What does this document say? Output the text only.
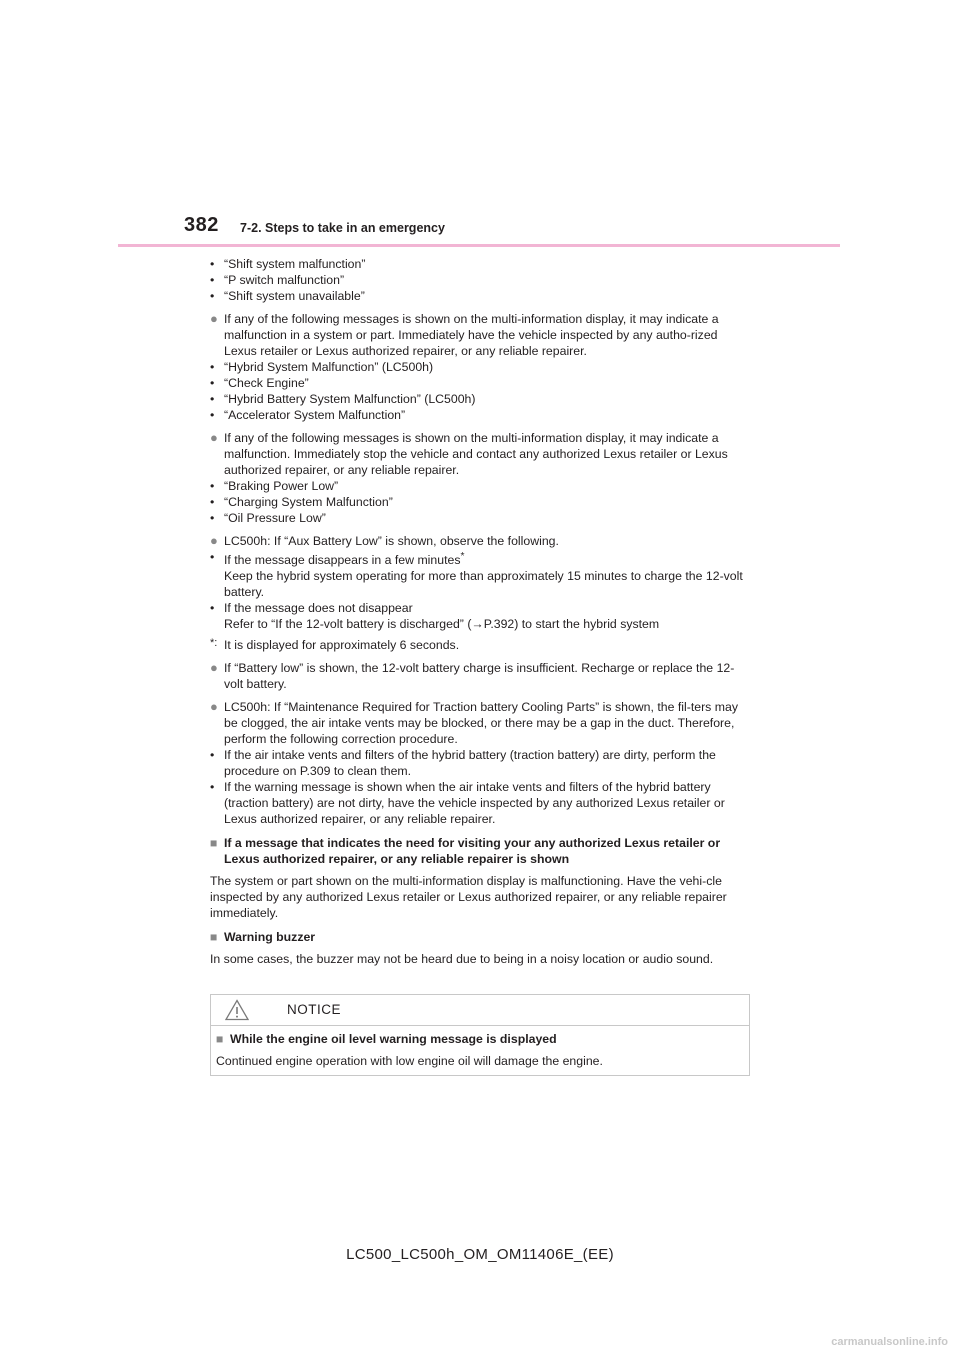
382 7-2. Steps to take in an emergency
• “Shift system malfunction”
• “P switch malfunction”
• “Shift system unavailable”
● If any of the following messages is shown on the multi-information display, it may indicate a malfunction in a system or part. Immediately have the vehicle inspected by any autho-rized Lexus retailer or Lexus authorized repairer, or any reliable repairer.
• “Hybrid System Malfunction” (LC500h)
• “Check Engine”
• “Hybrid Battery System Malfunction” (LC500h)
• “Accelerator System Malfunction”
● If any of the following messages is shown on the multi-information display, it may indicate a malfunction. Immediately stop the vehicle and contact any authorized Lexus retailer or Lexus authorized repairer, or any reliable repairer.
• “Braking Power Low”
• “Charging System Malfunction”
• “Oil Pressure Low”
● LC500h: If “Aux Battery Low” is shown, observe the following.
• If the message disappears in a few minutes*
Keep the hybrid system operating for more than approximately 15 minutes to charge the 12-volt battery.
• If the message does not disappear
Refer to “If the 12-volt battery is discharged” (→P.392) to start the hybrid system
*: It is displayed for approximately 6 seconds.
● If “Battery low” is shown, the 12-volt battery charge is insufficient. Recharge or replace the 12-volt battery.
● LC500h: If “Maintenance Required for Traction battery Cooling Parts” is shown, the fil-ters may be clogged, the air intake vents may be blocked, or there may be a gap in the duct. Therefore, perform the following correction procedure.
• If the air intake vents and filters of the hybrid battery (traction battery) are dirty, perform the procedure on P.309 to clean them.
• If the warning message is shown when the air intake vents and filters of the hybrid battery (traction battery) are not dirty, have the vehicle inspected by any authorized Lexus retailer or Lexus authorized repairer, or any reliable repairer.
■ If a message that indicates the need for visiting your any authorized Lexus retailer or Lexus authorized repairer, or any reliable repairer is shown
The system or part shown on the multi-information display is malfunctioning. Have the vehi-cle inspected by any authorized Lexus retailer or Lexus authorized repairer, or any reliable repairer immediately.
■ Warning buzzer
In some cases, the buzzer may not be heard due to being in a noisy location or audio sound.
NOTICE
■ While the engine oil level warning message is displayed
Continued engine operation with low engine oil will damage the engine.
LC500_LC500h_OM_OM11406E_(EE)
carmanualsonline.info
